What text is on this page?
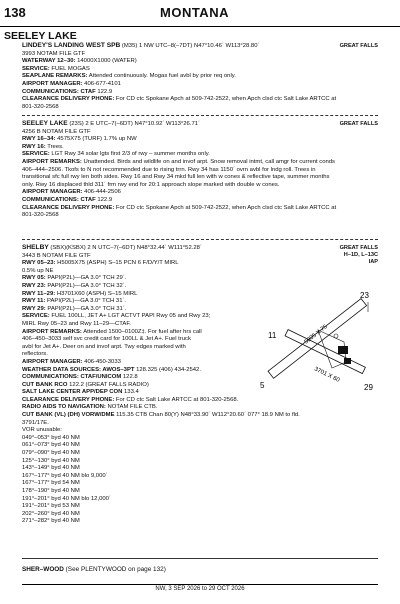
138	MONTANA
SEELEY LAKE
GREAT FALLS
LINDEY'S LANDING WEST SPB (M35) 1 NW UTC–8(–7DT) N47°10.46´ W113°28.80´
3993 NOTAM FILE GTF
WATERWAY 12–30: 14000X1000 (WATER)
SERVICE: FUEL MOGAS
SEAPLANE REMARKS: Attended continuously. Mogas fuel avbl by prior req only.
AIRPORT MANAGER: 406-677-4101
COMMUNICATIONS: CTAF 122.9
CLEARANCE DELIVERY PHONE: For CD ctc Spokane Apch at 509-742-2522, when Apch clsd ctc Salt Lake ARTCC at
801-320-2568
GREAT FALLS
SEELEY LAKE (23S) 2 E UTC–7(–6DT) N47°10.92´ W113°26.71´
4256 B NOTAM FILE GTF
RWY 16–34: 4575X75 (TURF) 1.7% up NW
RWY 16: Trees.
SERVICE: LGT Rwy 34 solar lgts first 2/3 of rwy – summer months only.
AIRPORT REMARKS: Unattended. Birds and wildlife on and invof arpt. Snow removal intmt, call amgr for current conds
406–444–2506. Tkofs to N not recommended due to rising trrn. Rwy 34 has 1150´ ovrn avbl for lndg roll. Trees in
transitional sfc full rwy len both sides. Rwy 16 and Rwy 34 mkd full len with w cones & reflective tape, summer months
only. Rwy 16 displaced thld 311´ frm rwy end for 20:1 approach slope marked with double w cones.
AIRPORT MANAGER: 406-444-2506
COMMUNICATIONS: CTAF 122.9
CLEARANCE DELIVERY PHONE: For CD ctc Spokane Apch at 509-742-2522, when Apch clsd ctc Salt Lake ARTCC at
801-320-2568
GREAT FALLS
H–1D, L–13C
IAP
SHELBY (SBX)(KSBX) 2 N UTC–7(–6DT) N48°32.44´ W111°52.28´
3443 B NOTAM FILE GTF
RWY 05–23: H5005X75 (ASPH) S–15 PCN 6 F/D/Y/T MIRL
0.5% up NE
RWY 05: PAPI(P2L)—GA 3.0° TCH 29´.
RWY 23: PAPI(P2L)—GA 3.0° TCH 32´.
RWY 11–29: H3701X60 (ASPH) S–15 MIRL
RWY 11: PAPI(P2L)—GA 3.0° TCH 31´.
RWY 29: PAPI(P2L)—GA 3.0° TCH 31´.
SERVICE: FUEL 100LL, JET A+ LGT ACTVT PAPI Rwy 05 and Rwy 23;
MIRL Rwy 05–23 and Rwy 11–29—CTAF.
AIRPORT REMARKS: Attended 1500–0100Z‡. For fuel after hrs call
406–450–3033 self svc credit card for 100LL & Jet A+. Fuel truck
avbl for Jet A+. Deer on and invof arpt. Twy edges marked with
reflectors.
AIRPORT MANAGER: 406-450-3033
WEATHER DATA SOURCES: AWOS–3PT 128.325 (406) 434-2542.
COMMUNICATIONS: CTAF/UNICOM 122.8
CUT BANK RCO 122.2 (GREAT FALLS RADIO)
SALT LAKE CENTER APP/DEP CON 133.4
CLEARANCE DELIVERY PHONE: For CD ctc Salt Lake ARTCC at 801-320-2568.
RADIO AIDS TO NAVIGATION: NOTAM FILE CTB.
CUT BANK (VL) (DH) VORW/DME 115.35 CTB Chan 80(Y) N48°33.90´ W112°20.60´ 077° 18.9 NM to fld.
3791/17E.
VOR unusable:
049°–053° byd 40 NM
061°–073° byd 40 NM
079°–090° byd 40 NM
125°–130° byd 40 NM
143°–149° byd 40 NM
167°–177° byd 40 NM blo 9,000´
167°–177° byd 54 NM
178°–190° byd 40 NM
191°–201° byd 40 NM blo 12,000´
191°–201° byd 53 NM
202°–260° byd 40 NM
271°–282° byd 40 NM
5005 X 75
3701 X 60
5
23
11
29
SHER–WOOD (See PLENTYWOOD on page 132)
NW, 3 SEP 2026 to 29 OCT 2026
